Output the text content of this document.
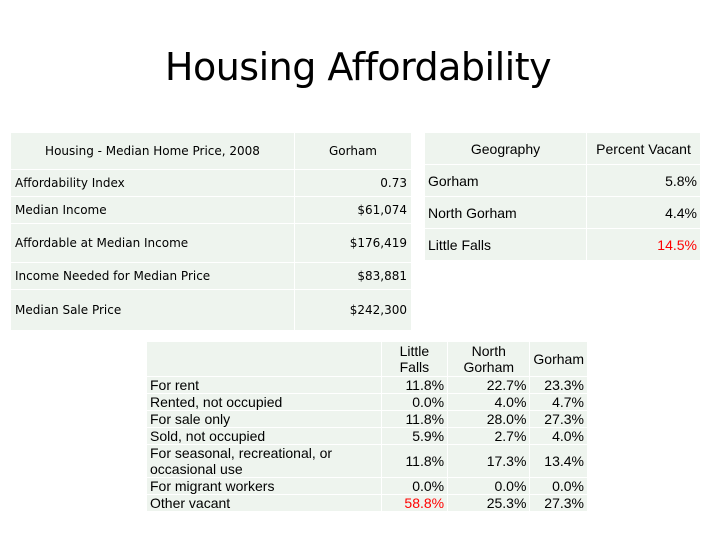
Housing Affordability
Housing - Median Home Price, 2008	Gorham
Affordability Index	0.73
Median Income	$61,074
Affordable at Median Income	$176,419
Income Needed for Median Price	$83,881
Median Sale Price	$242,300
Geography	Percent Vacant
Gorham	5.8%
North Gorham	4.4%
Little Falls	14.5%
	Little Falls	North Gorham	Gorham
For rent	11.8%	22.7%	23.3%
Rented, not occupied	0.0%	4.0%	4.7%
For sale only	11.8%	28.0%	27.3%
Sold, not occupied	5.9%	2.7%	4.0%
For seasonal, recreational, or occasional use	11.8%	17.3%	13.4%
For migrant workers	0.0%	0.0%	0.0%
Other vacant	58.8%	25.3%	27.3%
